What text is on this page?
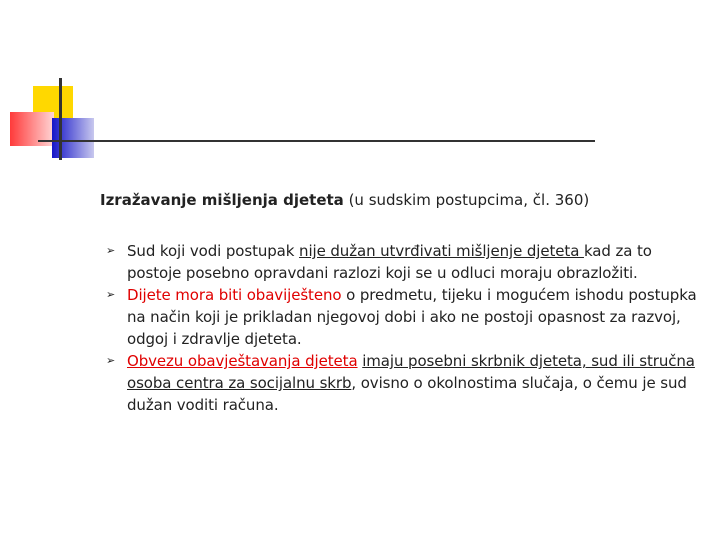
Izražavanje mišljenja djeteta (u sudskim postupcima, čl. 360)
➢ Sud koji vodi postupak nije dužan utvrđivati mišljenje djeteta kad za to postoje posebno opravdani razlozi koji se u odluci moraju obrazložiti.
➢ Dijete mora biti obaviješteno o predmetu, tijeku i mogućem ishodu postupka na način koji je prikladan njegovoj dobi i ako ne postoji opasnost za razvoj, odgoj i zdravlje djeteta.
➢ Obvezu obavještavanja djeteta imaju posebni skrbnik djeteta, sud ili stručna osoba centra za socijalnu skrb, ovisno o okolnostima slučaja, o čemu je sud dužan voditi računa.
